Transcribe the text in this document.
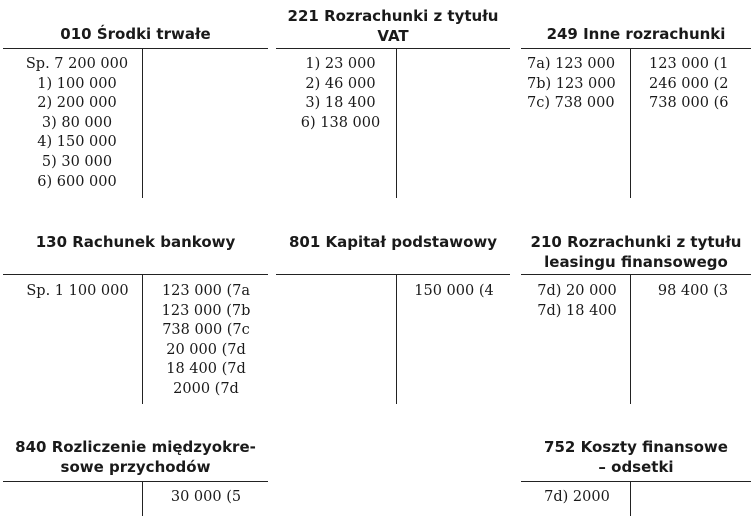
010 Środki trwałe
Sp. 7 200 000
1) 100 000
2) 200 000
3) 80 000
4) 150 000
5) 30 000
6) 600 000
221 Rozrachunki z tytułu
VAT
1) 23 000
2) 46 000
3) 18 400
6) 138 000
249 Inne rozrachunki
7a) 123 000
7b) 123 000
7c) 738 000
123 000 (1
246 000 (2
738 000 (6
130 Rachunek bankowy
Sp. 1 100 000	123 000 (7a
123 000 (7b
738 000 (7c
20 000 (7d
18 400 (7d
2000 (7d
801 Kapitał podstawowy
150 000 (4
210 Rozrachunki z tytułu
leasingu finansowego
7d) 20 000
7d) 18 400
98 400 (3
840 Rozliczenie międzyokre-
sowe przychodów
30 000 (5
752 Koszty finansowe
– odsetki
7d) 2000
